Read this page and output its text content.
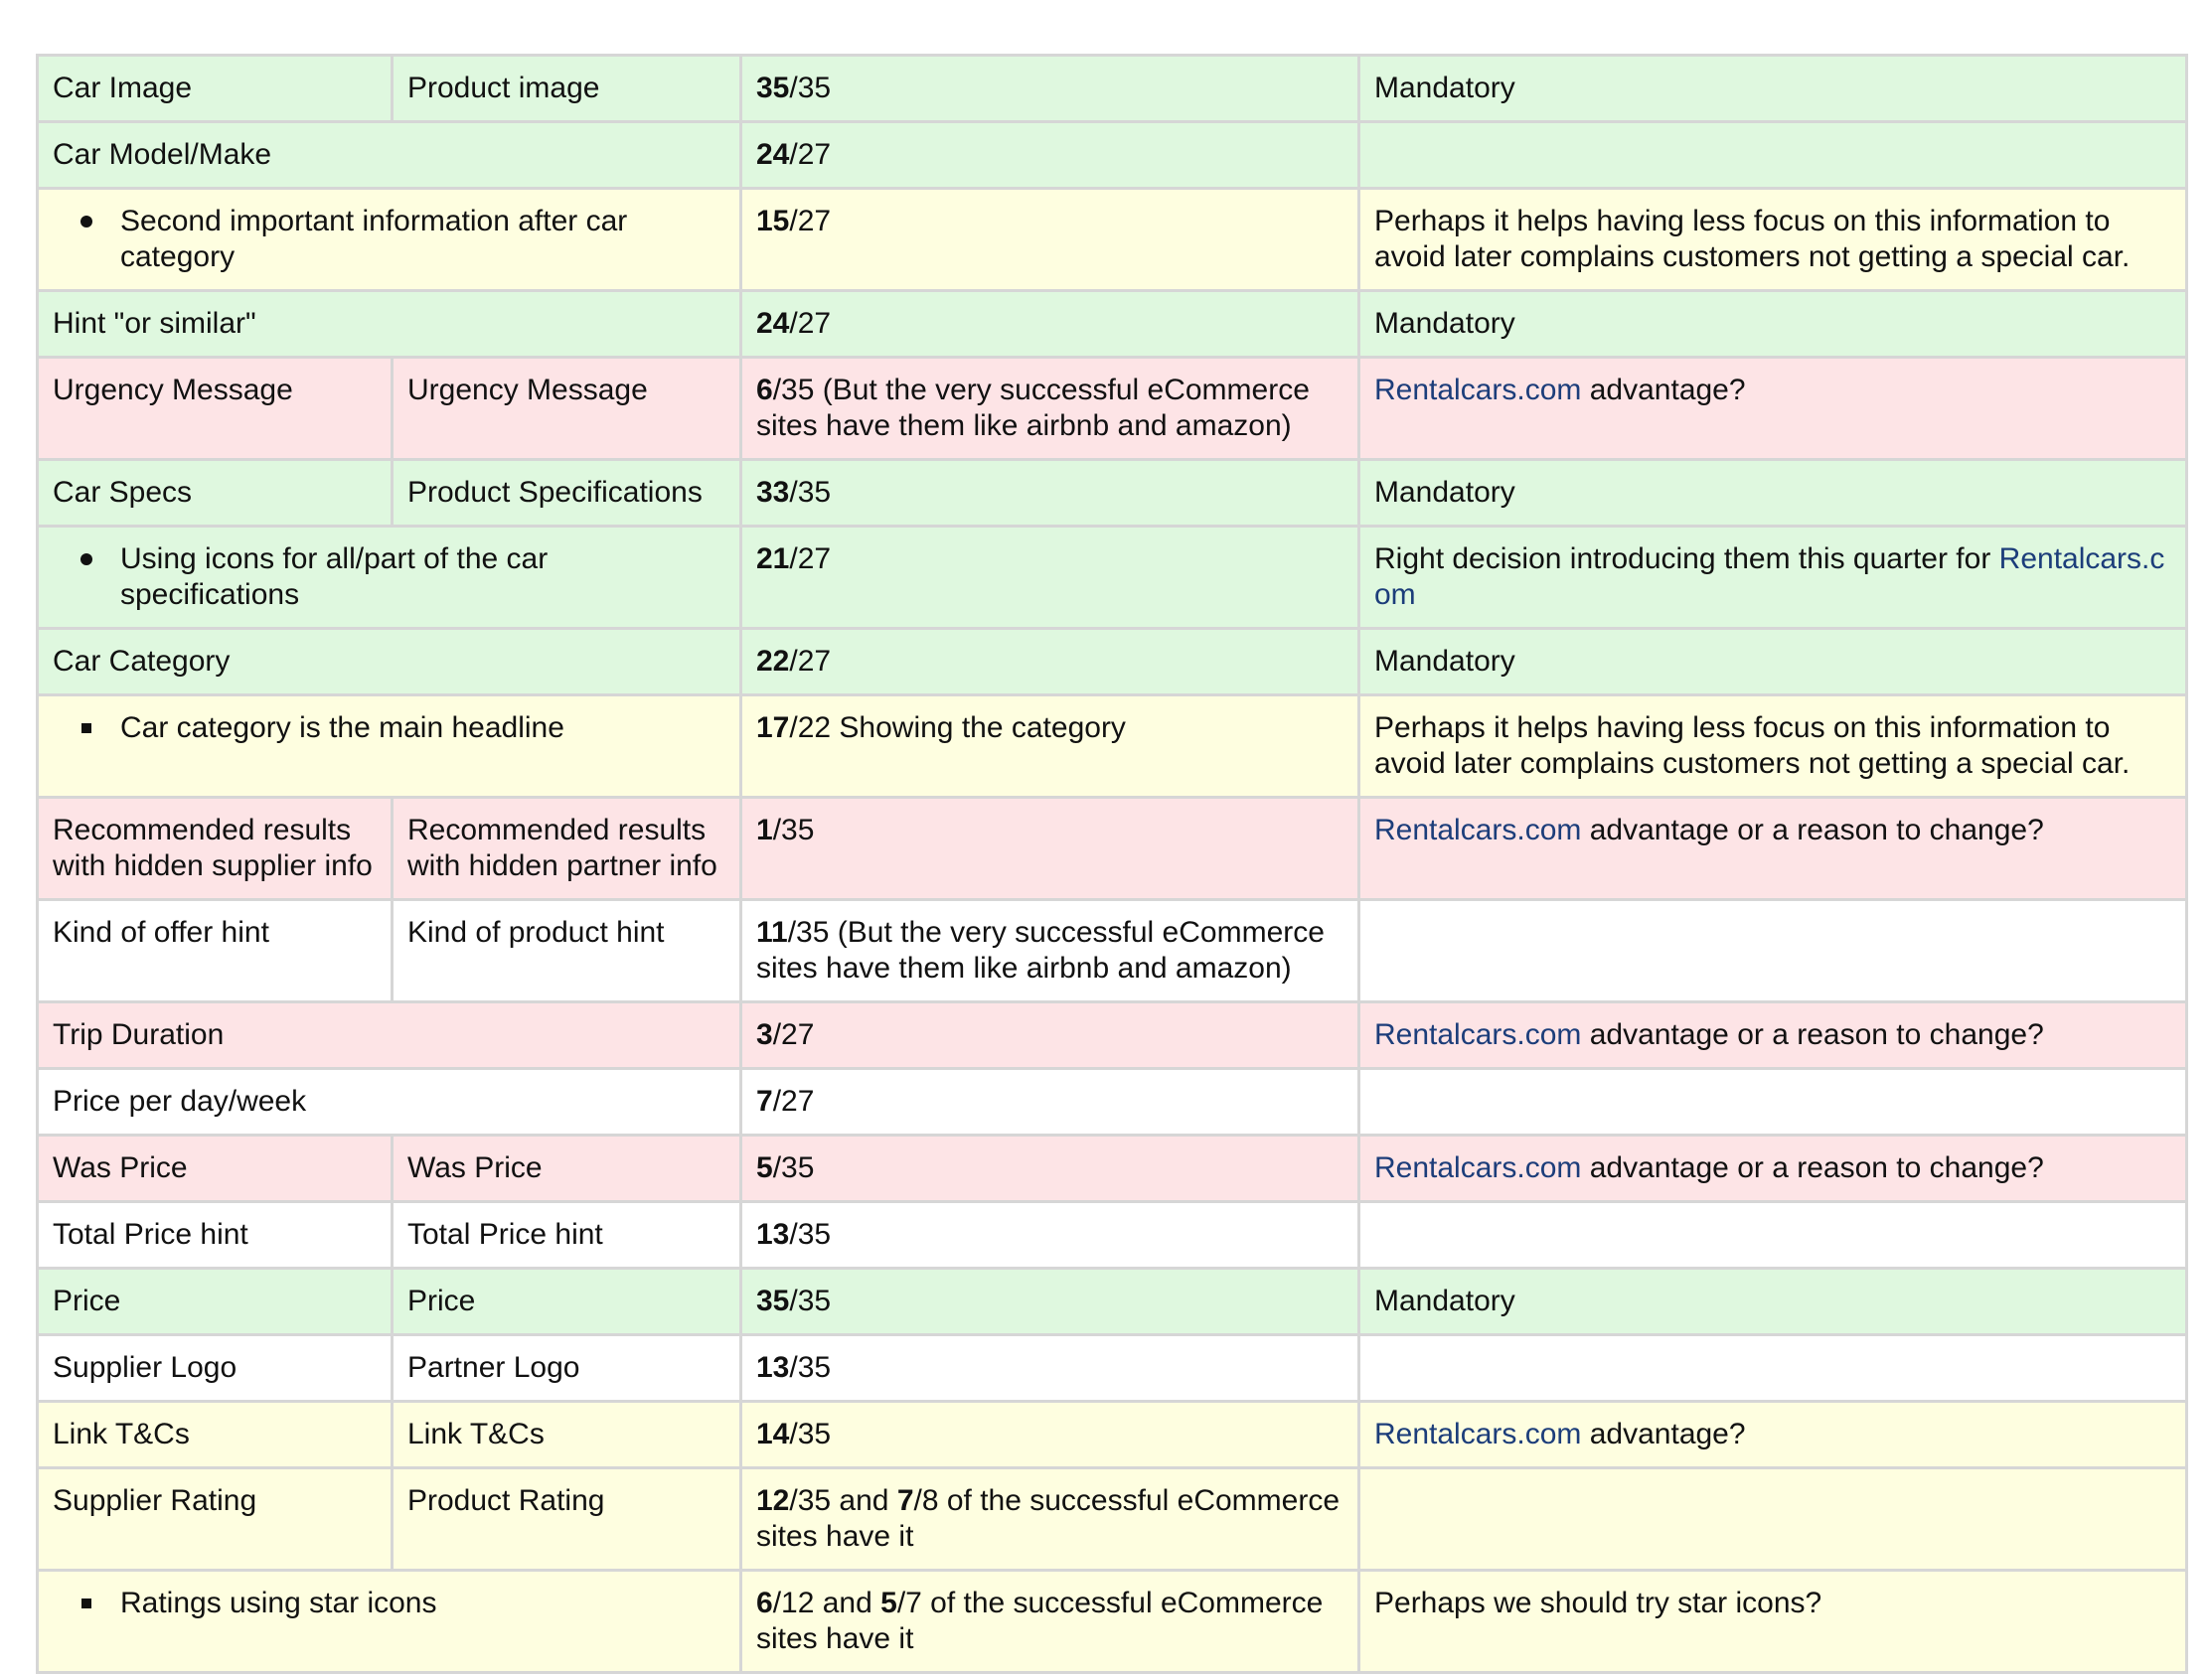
Car Image	Product image	35/35	Mandatory
Car Model/Make		24/27	

Second important information after car category		15/27	Perhaps it helps having less focus on this information to avoid later complains customers not getting a special car.
Hint "or similar"		24/27	Mandatory
Urgency Message	Urgency Message	6/35 (But the very successful eCommerce sites have them like airbnb and amazon)	Rentalcars.com advantage?
Car Specs	Product Specifications	33/35	Mandatory

Using icons for all/part of the car specifications		21/27	Right decision introducing them this quarter for Rentalcars.com
Car Category		22/27	Mandatory

Car category is the main headline		17/22 Showing the category	Perhaps it helps having less focus on this information to avoid later complains customers not getting a special car.
Recommended results with hidden supplier info	Recommended results with hidden partner info	1/35	Rentalcars.com advantage or a reason to change?
Kind of offer hint	Kind of product hint	11/35 (But the very successful eCommerce sites have them like airbnb and amazon)	
Trip Duration		3/27	Rentalcars.com advantage or a reason to change?
Price per day/week		7/27	
Was Price	Was Price	5/35	Rentalcars.com advantage or a reason to change?
Total Price hint	Total Price hint	13/35	
Price	Price	35/35	Mandatory
Supplier Logo	Partner Logo	13/35	
Link T&Cs	Link T&Cs	14/35	Rentalcars.com advantage?
Supplier Rating	Product Rating	12/35 and 7/8 of the successful eCommerce sites have it	

Ratings using star icons		6/12 and 5/7 of the successful eCommerce sites have it	Perhaps we should try star icons?
